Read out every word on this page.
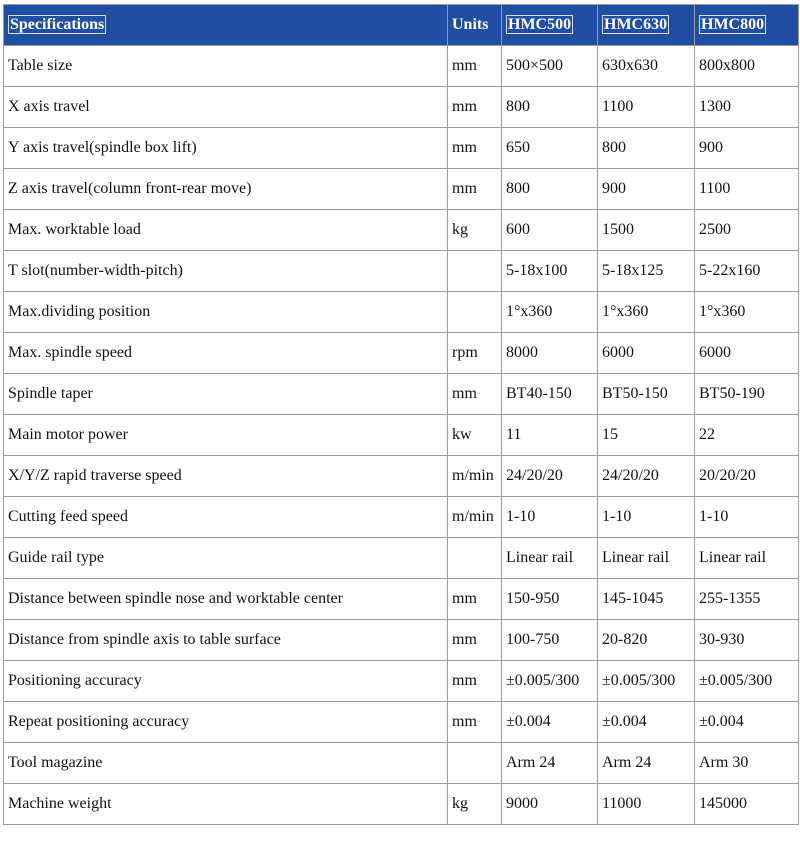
Specifications	Units	HMC500	HMC630	HMC800
Table size	mm	500×500	630x630	800x800
X axis travel	mm	800	1100	1300
Y axis travel(spindle box lift)	mm	650	800	900
Z axis travel(column front-rear move)	mm	800	900	1100
Max. worktable load	kg	600	1500	2500
T slot(number-width-pitch)		5-18x100	5-18x125	5-22x160
Max.dividing position		1°x360	1°x360	1°x360
Max. spindle speed	rpm	8000	6000	6000
Spindle taper	mm	BT40-150	BT50-150	BT50-190
Main motor power	kw	11	15	22
X/Y/Z rapid traverse speed	m/min	24/20/20	24/20/20	20/20/20
Cutting feed speed	m/min	1-10	1-10	1-10
Guide rail type		Linear rail	Linear rail	Linear rail
Distance between spindle nose and worktable center	mm	150-950	145-1045	255-1355
Distance from spindle axis to table surface	mm	100-750	20-820	30-930
Positioning accuracy	mm	±0.005/300	±0.005/300	±0.005/300
Repeat positioning accuracy	mm	±0.004	±0.004	±0.004
Tool magazine		Arm 24	Arm 24	Arm 30
Machine weight	kg	9000	11000	145000
